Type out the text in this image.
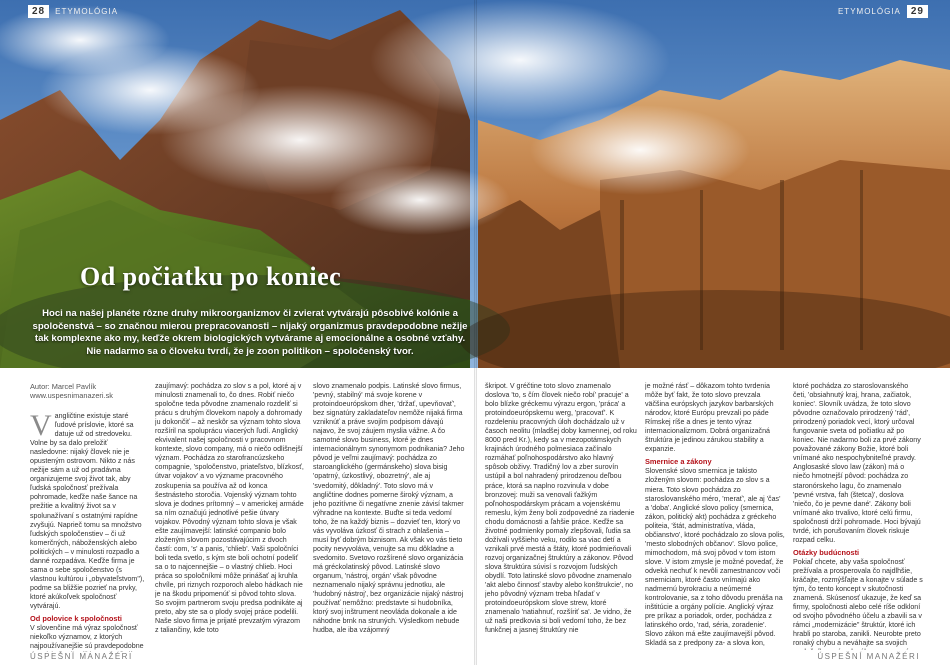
28	ETYMOLÓGIA	ETYMOLÓGIA	29
Od počiatku po koniec

Hoci na našej planéte rôzne druhy mikroorganizmov či zvierat vytvárajú pôsobivé kolónie a spoločenstvá – so značnou mierou prepracovanosti – nijaký organizmus pravdepodobne nežije tak komplexne ako my, keďže okrem biologických vytvárame aj emocionálne a osobné vzťahy. Nie nadarmo sa o človeku tvrdí, že je zoon politikon – spoločenský tvor.

Autor: Marcel Pavlík
www.uspesnimanazeri.sk

Vangličtine existuje staré ľudové príslovie, ktoré sa datuje už od stredoveku. Volne by sa dalo preložiť nasledovne: nijaký človek nie je opusteným ostrovom. Nikto z nás nežije sám a už od pradávna organizujeme svoj život tak, aby ľudská spoločnosť prežívala pohromade, keďže naše šance na prežitie a kvalitný život sa v spolunažívaní s ostatnými rapídne zvyšujú. Naprieč tomu sa množstvo ľudských spoločenstiev – či už komerčných, náboženských alebo politických – v minulosti rozpadlo a danné rozpadáva. Keďže firma je sama o sebe spoločenstvo (s vlastnou kultúrou i „obyvateľstvom"), podme sa bližšie pozrieť na prvky, ktoré akúkoľvek spoločnosť vytvárajú.

Od polovice k spoločnosti

V slovenčine má výraz spoločnosť niekoľko významov, z ktorých najpoužívanejšie sú pravdepodobne

zaujímavý: pochádza zo slov s a pol, ktoré aj v minulosti znamenali to, čo dnes. Robiť niečo spoločne teda pôvodne znamenalo rozdeliť si prácu s druhým človekom napoly a dohromady ju dokončiť – až neskôr sa význam tohto slova rozšíril na spoluprácu viacerých ľudí. Anglický ekvivalent našej spoločnosti v pracovnom kontexte, slovo company, má o niečo odlišnejší význam. Pochádza zo starofrancúzskeho compagnie, 'spoločenstvo, priateľstvo, blízkosť, útvar vojakov' a vo význame pracovného zoskupenia sa používa až od konca šestnásteho storočia. Vojenský význam tohto slova je dodnes prítomný – v americkej armáde sa ním označujú jednotlivé pešie útvary vojakov. Pôvodný význam tohto slova je však ešte zaujímavejší: latinské companio bolo zloženým slovom pozostávajúcim z dvoch častí: com, 's' a panis, 'chlieb'. Vaši spoločníci boli teda svetlo, s kým ste boli ochotní podeliť sa o to najcennejšie – o vlastný chlieb. Hoci práca so spoločníkmi môže prinášať aj kruhla chvíle, pri riznych rozporoch alebo hádkach nie je na škodu pripomenúť si pôvod tohto slova. So svojim partnerom svoju predsa podnikáte aj preto, aby ste sa o plody svojej práce podelili. Naše slovo firma je prijaté prevzatým výrazom z taliančiny, kde toto

slovo znamenalo podpis. Latinské slovo firmus, 'pevný, stabilný' má svoje korene v protoindoeurópskom dher, 'držať, upevňovať', bez signatúry zakladateľov nemôže nijaká firma vzniknúť a práve svojím podpisom dávajú najavo, že svoj záujem myslia vážne. A čo samotné slovo business, ktoré je dnes internacionálnym synonymom podnikania? Jeho pôvod je veľmi zaujímavý: pochádza zo staroanglického (germánskeho) slova bisig 'opatrný, úzkostlivý, obozretný', ale aj 'svedomitý, dôkladný'. Toto slovo má v angličtine dodnes pomerne široký význam, a jeho pozitívne či negatívne znenie závisí takmer výhradne na kontexte. Buďte si teda vedomí toho, že na každý biznis – dozvieť ten, ktorý vo vás vyvoláva úzkosť či strach z ohlašenia – musí byť dobrým biznisom. Ak však vo vás tieto pocity nevyvoláva, venujte sa mu dôkladne a svedomito. Svetovo rozšírené slovo organizácia má gréckolatinský pôvod. Latinské slovo organum, 'nástroj, orgán' však pôvodne neznamenalo nijaký správnu jednotku, ale 'hudobný nástroj', bez organizácie nijaký nástroj používať nemôžno: predstavte si hudobníka, ktorý svoj inštrument neovláda dokonale a ide náhodne brnk na struných. Výsledkom nebude hudba, ale iba vzájomný

škripot. V gréčtine toto slovo znamenalo doslova 'to, s čím človek niečo robí' pracuje' a bolo blízke gréckemu výrazu ergon, 'práca' a protoindoeurópskemu werg, 'pracovať'. K rozdeleniu pracovných úloh dochádzalo už v časoch neolitu (mladšej doby kamennej, od roku 8000 pred Kr.), kedy sa v mezopotámskych krajinách úrodného polmesiaca začínalo rozmáhať poľnohospodárstvo ako hlavný spôsob obživy. Tradičný lov a zber surovín ustúpil a bol nahradený prirodzenou deľbou práce, ktorá sa naplno rozvinula v dobe bronzovej: muži sa venovali ťažkým poľnohospodárskym prácam a vojenskému remeslu, kým ženy boli zodpovedné za riadenie chodu domácnosti a ľahšie práce. Keďže sa životné podmienky pomaly zlepšovali, ľudia sa dožívali vyššieho veku, rodilo sa viac detí a vznikali prvé mestá a štáty, ktoré podmieňovali rozvoj organizačnej štruktúry a zákonov. Pôvod slova štruktúra súvisí s rozvojom ľudských obydlí. Toto latinské slovo pôvodne znamenalo 'akt alebo činnosť stavby alebo konštrukcie', no jeho pôvodný význam treba hľadať v protoindoeurópskom slove strew, ktoré znamenalo 'natiahnuť, rozšíriť sa'. Je vidno, že už naši predkovia si boli vedomí toho, že bez funkčnej a jasnej štruktúry nie

je možné rásť – dôkazom tohto tvrdenia môže byť fakt, že toto slovo prevzala väčšina európskych jazykov barbarských národov, ktoré Európu prevzali po páde Rímskej ríše a dnes je tento výraz internacionalizmom. Dobrá organizačná štruktúra je jedinou zárukou stability a expanzie.

Smernice a zákony

Slovenské slovo smernica je takisto zloženým slovom: pochádza zo slov s a miera. Toto slovo pochádza zo staroslovanského méro, 'merať', ale aj 'čas' a 'doba'. Anglické slovo policy (smernica, zákon, politický akt) pochádza z gréckeho politeia, 'štát, administratíva, vláda, občianstvo', ktoré pochádzalo zo slova polis, 'mesto slobodných občanov'. Slovo police, mimochodom, má svoj pôvod v tom istom slove. V istom zmysle je možné povedať, že odvekà nechuť k nevôli zamestnancov voči smerniciam, ktoré často vnímajú ako nadmernú byrokraciu a neúmerné kontrolovanie, sa z toho dôvodu prenáša na inštitúcie a orgány polície. Anglický výraz pre príkaz a poriadok, order, pochádza z latinského ordo, 'rad, séria, zoradenie'. Slovo zákon má ešte zaujímavejší pôvod. Skladá sa z predpony za- a slova kon,

ktoré pochádza zo staroslovanského četi, 'obsiahnutý kraj, hrana, začiatok, koniec'. Slovník uvádza, že toto slovo pôvodne označovalo prirodzený 'rád', prirodzený poriadok vecí, ktorý určoval fungovanie sveta od počiatku až po koniec. Nie nadarmo boli za prvé zákony považované zákony Božie, ktoré boli vnímané ako nespochybniteľné pravdy. Anglosaské slovo law (zákon) má o niečo hmotnejší pôvod: pochádza zo staronórskeho lagu, čo znamenalo 'pevné vrstva, fah (štetca)', doslova 'niečo, čo je pevne dané'. Zákony boli vnímané ako trvalivo, ktoré celú firmu, spoločnosti drží pohromade. Hoci bývajú tvrdé, ich porušovaním človek riskuje rozpad celku.

Otázky budúcnosti

Pokiaľ chcete, aby vaša spoločnosť prežívala a prosperovala čo najdlhšie, kráčajte, rozmýšľajte a konajte v súlade s tým, čo tento koncept v skutočnosti znamená. Skúsenosť ukazuje, že keď sa firmy, spoločnosti alebo celé ríše odkloní od svojho pôvodného účelu a zbavili sa v rámci „modernizácie" štruktúr, ktoré ich hrabli po staroba, zanikli. Neurobte preto ronaký chybu a neváhajte sa svojich

ÚSPEŠNÍ MANAŽÉRI	ÚSPEŠNÍ MANAŽÉRI
